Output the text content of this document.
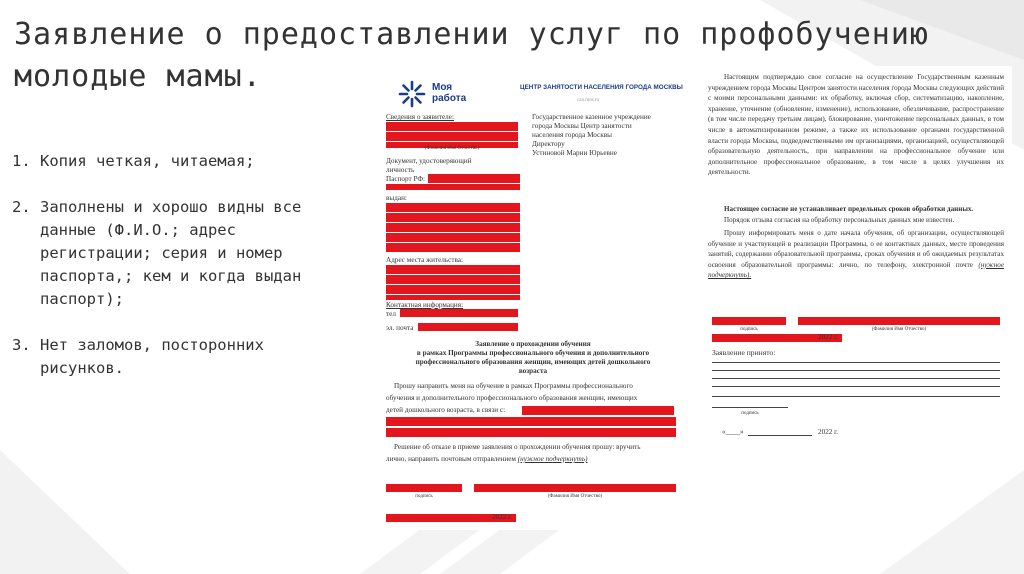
Заявление о предоставлении услуг по профобучению молодые мамы.
1. Копия четкая, читаемая;
2. Заполнены и хорошо видны все данные (Ф.И.О.; адрес регистрации; серия и номер паспорта,; кем и когда выдан паспорт);
3. Нет заломов, посторонних рисунков.
Моя
работа
ЦЕНТР ЗАНЯТОСТИ НАСЕЛЕНИЯ ГОРОДА МОСКВЫ
czn.mos.ru
Сведения о заявителе:
(Фамилия Имя Отчество)
Государственное казенное учреждение
города Москвы Центр занятости
населения города Москвы
Директору
Устиновой Марии Юрьевне
Документ, удостоверяющий
личность
Паспорт РФ:
выдан:
Адрес места жительства:
Контактная информация:
тел
эл. почта
Заявление о прохождении обучения
в рамках Программы профессионального обучения и дополнительного
профессионального образования женщин, имеющих детей дошкольного
возраста
Прошу направить меня на обучение в рамках Программы профессионального
обучения и дополнительного профессионального образования женщин, имеющих
детей дошкольного возраста, в связи с:
Решение об отказе в приеме заявления о прохождении обучения прошу: вручить
лично, направить почтовым отправлением (нужное подчеркнуть)
подпись	(Фамилия Имя Отчество)
2022 г.
Настоящим подтверждаю свое согласие на осуществление Государственным казенным учреждением города Москвы Центром занятости населения города Москвы следующих действий с моими персональными данными: их обработку, включая сбор, систематизацию, накопление, хранение, уточнение (обновление, изменение), использование, обезличивание, распространение (в том числе передачу третьим лицам), блокирование, уничтожение персональных данных, в том числе в автоматизированном режиме, а также их использование органами государственной власти города Москвы, подведомственными им организациями, организацией, осуществляющей образовательную деятельность, при направлении на профессиональное обучение или дополнительное профессиональное образование, в том числе в целях улучшения их деятельности.
Настоящее согласие не устанавливает предельных сроков обработки данных.
Порядок отзыва согласия на обработку персональных данных мне известен.
Прошу информировать меня о дате начала обучения, об организации, осуществляющей обучение и участвующей в реализации Программы, о ее контактных данных, месте проведения занятий, содержании образовательной программы, сроках обучения и об ожидаемых результатах освоения образовательной программы: лично, по телефону, электронной почте (нужное подчеркнуть).
подпись	(Фамилия Имя Отчество)
2022 г.
Заявление принято:
подпись
«____»	2022 г.
